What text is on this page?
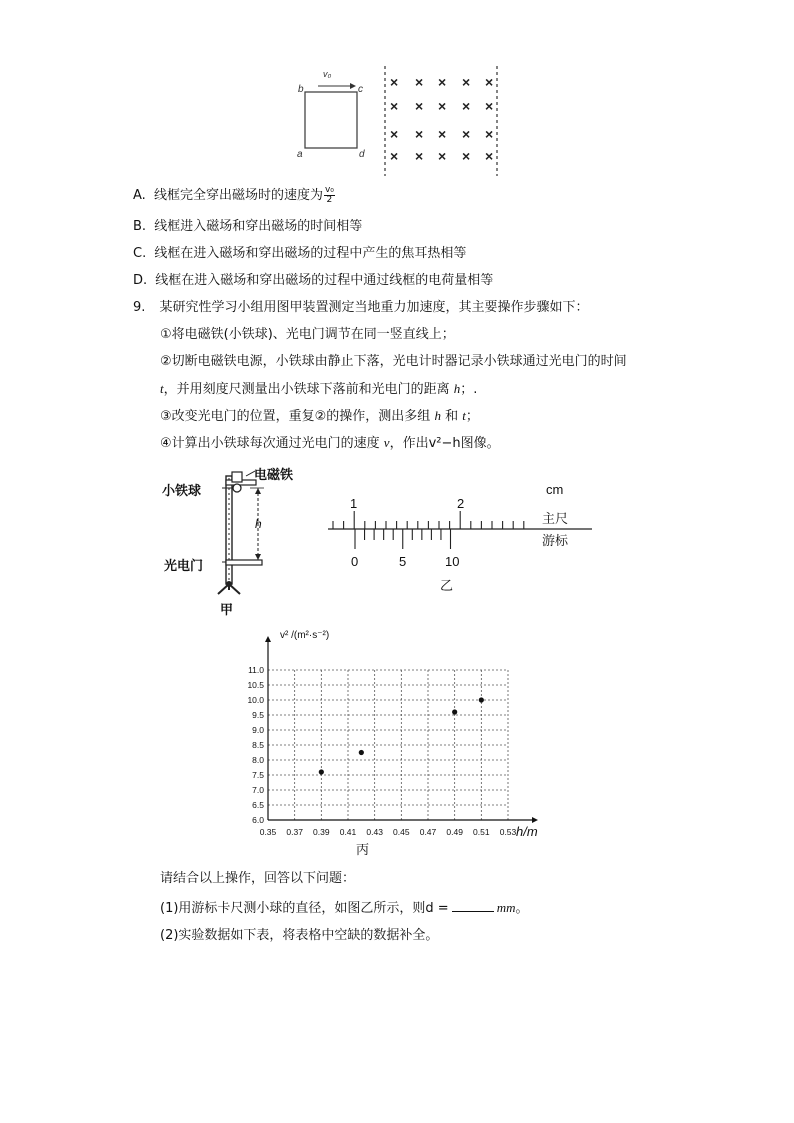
b	c
a	d
v₀	× × × × ×
× × × × ×
× × × × ×
× × × × ×
A. 线框完全穿出磁场时的速度为 $\frac{\text{v₀}}{2}$
B. 线框进入磁场和穿出磁场的时间相等
C. 线框在进入磁场和穿出磁场的过程中产生的焦耳热相等
D. 线框在进入磁场和穿出磁场的过程中通过线框的电荷量相等
9. 某研究性学习小组用图甲装置测定当地重力加速度，其主要操作步骤如下：
①将电磁铁(小铁球)、光电门调节在同一竖直线上；
②切断电磁铁电源，小铁球由静止下落，光电计时器记录小铁球通过光电门的时间
t，并用刻度尺测量出小铁球下落前和光电门的距离 h；.
③改变光电门的位置，重复②的操作，测出多组 h 和 t；
④计算出小铁球每次通过光电门的速度 v，作出v²−h图像。
h
电磁铁
小铁球
光电门
甲
cm
1	2
主尺
游标
0	5	10
乙
6.0
6.5
7.0
7.5
8.0
8.5
9.0
9.5
10.0
10.5
11.0
0.35 0.37 0.39 0.41 0.43 0.45 0.47 0.49 0.51 0.53
v² /(m²·s⁻²)
h/m
丙
请结合以上操作，回答以下问题：
(1)用游标卡尺测小球的直径，如图乙所示，则d =	mm。
(2)实验数据如下表，将表格中空缺的数据补全。
